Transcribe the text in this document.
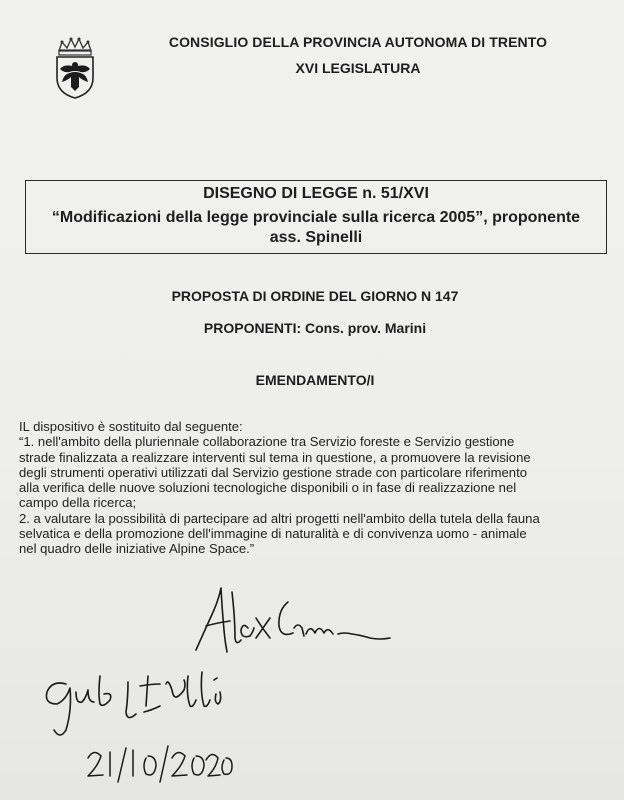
CONSIGLIO DELLA PROVINCIA AUTONOMA DI TRENTO
XVI LEGISLATURA
DISEGNO DI LEGGE n. 51/XVI
“Modificazioni della legge provinciale sulla ricerca 2005”, proponente
ass. Spinelli
PROPOSTA DI ORDINE DEL GIORNO N 147
PROPONENTI: Cons. prov. Marini
EMENDAMENTO/I
IL dispositivo è sostituito dal seguente:
“1. nell'ambito della pluriennale collaborazione tra Servizio foreste e Servizio gestione
strade finalizzata a realizzare interventi sul tema in questione, a promuovere la revisione
degli strumenti operativi utilizzati dal Servizio gestione strade con particolare riferimento
alla verifica delle nuove soluzioni tecnologiche disponibili o in fase di realizzazione nel
campo della ricerca;
2. a valutare la possibilità di partecipare ad altri progetti nell'ambito della tutela della fauna
selvatica e della promozione dell'immagine di naturalità e di convivenza uomo - animale
nel quadro delle iniziative Alpine Space.”
